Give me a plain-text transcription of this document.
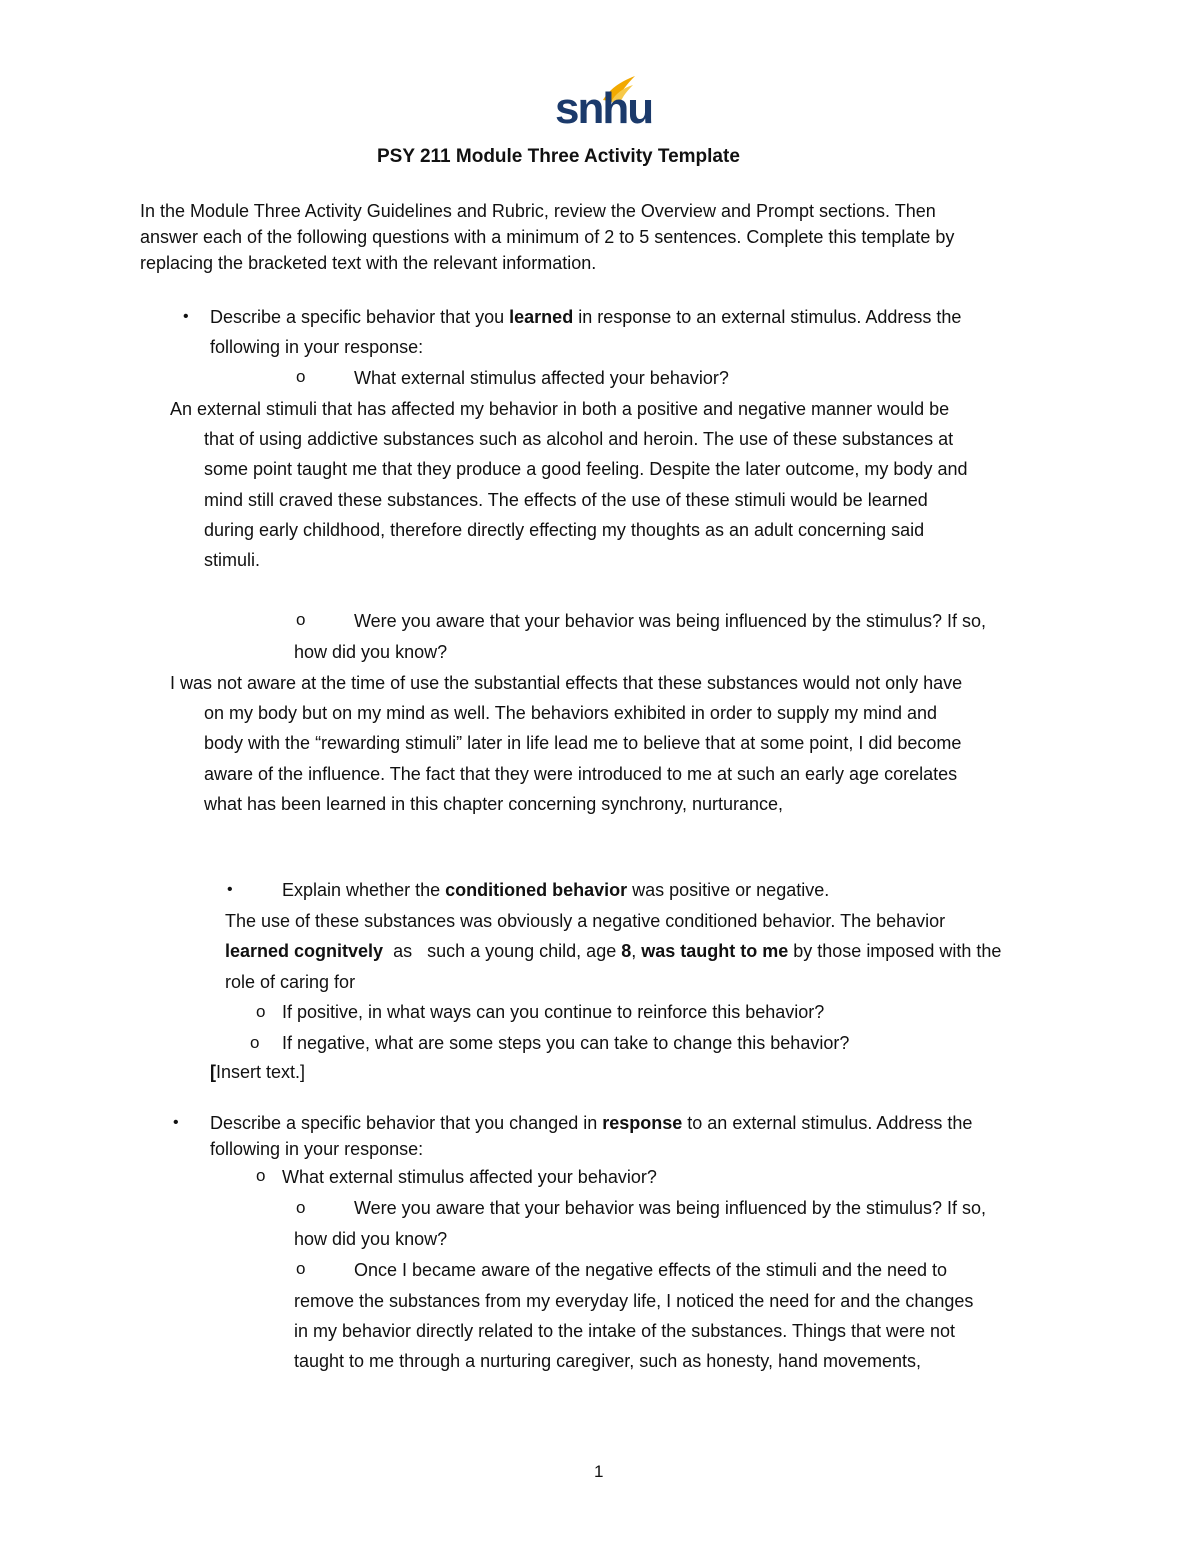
snhu
PSY 211 Module Three Activity Template
In the Module Three Activity Guidelines and Rubric, review the Overview and Prompt sections. Then
answer each of the following questions with a minimum of 2 to 5 sentences. Complete this template by
replacing the bracketed text with the relevant information.
• Describe a specific behavior that you learned in response to an external stimulus. Address the
following in your response:
o	What external stimulus affected your behavior?
An external stimuli that has affected my behavior in both a positive and negative manner would be
that of using addictive substances such as alcohol and heroin. The use of these substances at
some point taught me that they produce a good feeling. Despite the later outcome, my body and
mind still craved these substances. The effects of the use of these stimuli would be learned
during early childhood, therefore directly effecting my thoughts as an adult concerning said
stimuli.
o	Were you aware that your behavior was being influenced by the stimulus? If so,
how did you know?
I was not aware at the time of use the substantial effects that these substances would not only have
on my body but on my mind as well. The behaviors exhibited in order to supply my mind and
body with the “rewarding stimuli” later in life lead me to believe that at some point, I did become
aware of the influence. The fact that they were introduced to me at such an early age corelates
what has been learned in this chapter concerning synchrony, nurturance,
•	Explain whether the conditioned behavior was positive or negative.
The use of these substances was obviously a negative conditioned behavior. The behavior
learned cognitvely  as   such a young child, age 8, was taught to me by those imposed with the
role of caring for
o If positive, in what ways can you continue to reinforce this behavior?
o If negative, what are some steps you can take to change this behavior?
[Insert text.]
• Describe a specific behavior that you changed in response to an external stimulus. Address the
following in your response:
o What external stimulus affected your behavior?
o	Were you aware that your behavior was being influenced by the stimulus? If so,
how did you know?
o	Once I became aware of the negative effects of the stimuli and the need to
remove the substances from my everyday life, I noticed the need for and the changes
in my behavior directly related to the intake of the substances. Things that were not
taught to me through a nurturing caregiver, such as honesty, hand movements,
1
